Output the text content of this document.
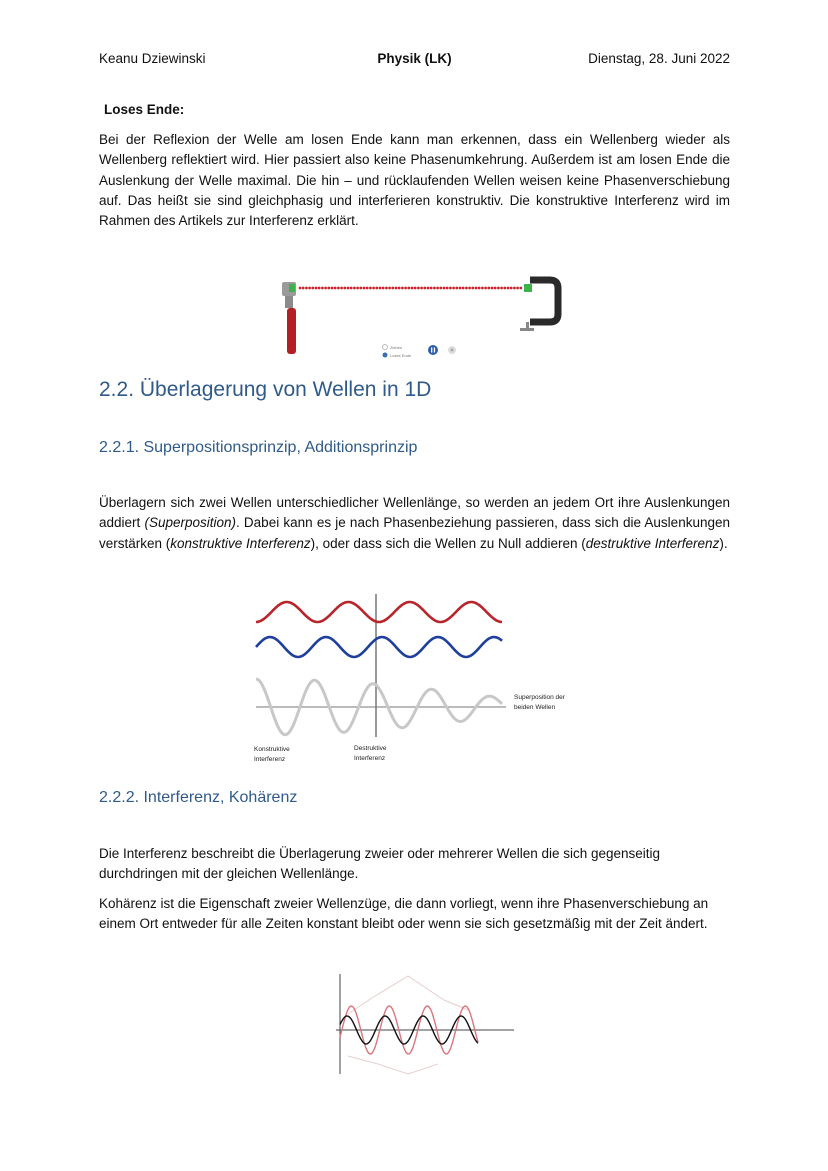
Keanu Dziewinski	Physik (LK)	Dienstag, 28. Juni 2022
Loses Ende:
Bei der Reflexion der Welle am losen Ende kann man erkennen, dass ein Wellenberg wieder als Wellenberg reflektiert wird. Hier passiert also keine Phasenumkehrung. Außerdem ist am losen Ende die Auslenkung der Welle maximal. Die hin – und rücklaufenden Wellen weisen keine Phasenverschiebung auf. Das heißt sie sind gleichphasig und interferieren konstruktiv. Die konstruktive Interferenz wird im Rahmen des Artikels zur Interferenz erklärt.
Ziehen
Loses Ende
2.2. Überlagerung von Wellen in 1D
2.2.1. Superpositionsprinzip, Additionsprinzip
Überlagern sich zwei Wellen unterschiedlicher Wellenlänge, so werden an jedem Ort ihre Auslenkungen addiert (Superposition). Dabei kann es je nach Phasenbeziehung passieren, dass sich die Auslenkungen verstärken (konstruktive Interferenz), oder dass sich die Wellen zu Null addieren (destruktive Interferenz).
Superposition der
beiden Wellen
Konstruktive
Interferenz
Destruktive
Interferenz
2.2.2. Interferenz, Kohärenz
Die Interferenz beschreibt die Überlagerung zweier oder mehrerer Wellen die sich gegenseitig durchdringen mit der gleichen Wellenlänge.
Kohärenz ist die Eigenschaft zweier Wellenzüge, die dann vorliegt, wenn ihre Phasenverschiebung an einem Ort entweder für alle Zeiten konstant bleibt oder wenn sie sich gesetzmäßig mit der Zeit ändert.
